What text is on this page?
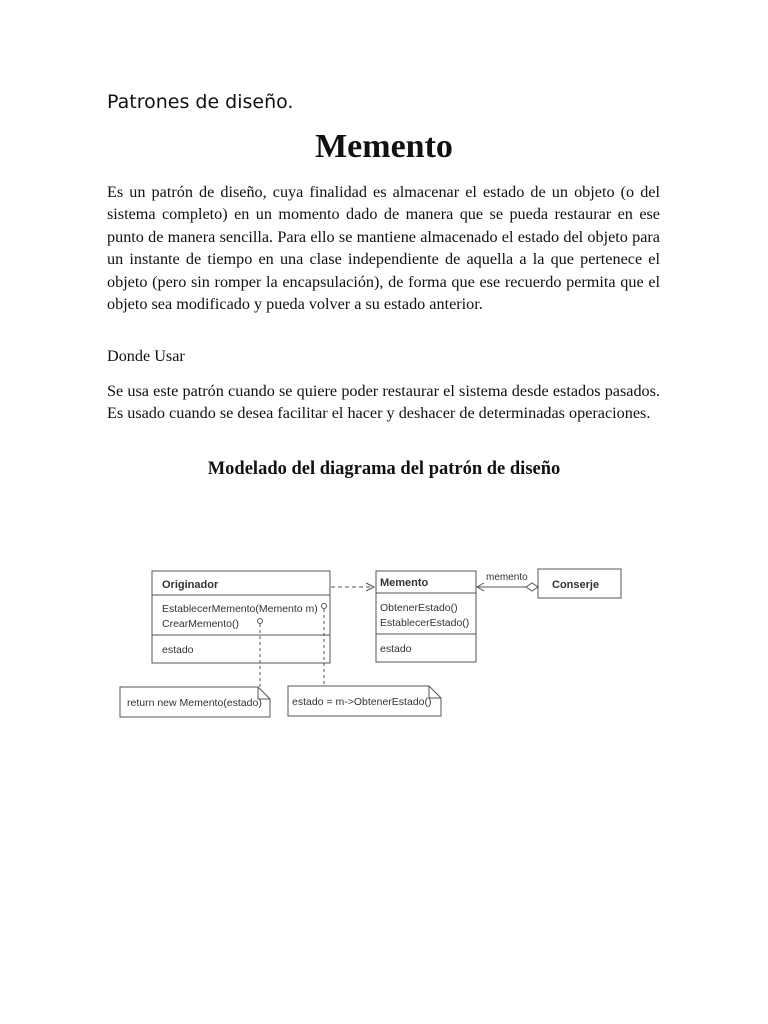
Patrones de diseño.
Memento

Es un patrón de diseño, cuya finalidad es almacenar el estado de un objeto (o del sistema completo) en un momento dado de manera que se pueda restaurar en ese punto de manera sencilla. Para ello se mantiene almacenado el estado del objeto para un instante de tiempo en una clase independiente de aquella a la que pertenece el objeto (pero sin romper la encapsulación), de forma que ese recuerdo permita que el objeto sea modificado y pueda volver a su estado anterior.

Donde Usar

Se usa este patrón cuando se quiere poder restaurar el sistema desde estados pasados. Es usado cuando se desea facilitar el hacer y deshacer de determinadas operaciones.

Modelado del diagrama del patrón de diseño
Originador
EstablecerMemento(Memento m)
CrearMemento()
estado
Memento
ObtenerEstado()
EstablecerEstado()
estado
Conserje
memento
return new Memento(estado)	estado = m->ObtenerEstado()
